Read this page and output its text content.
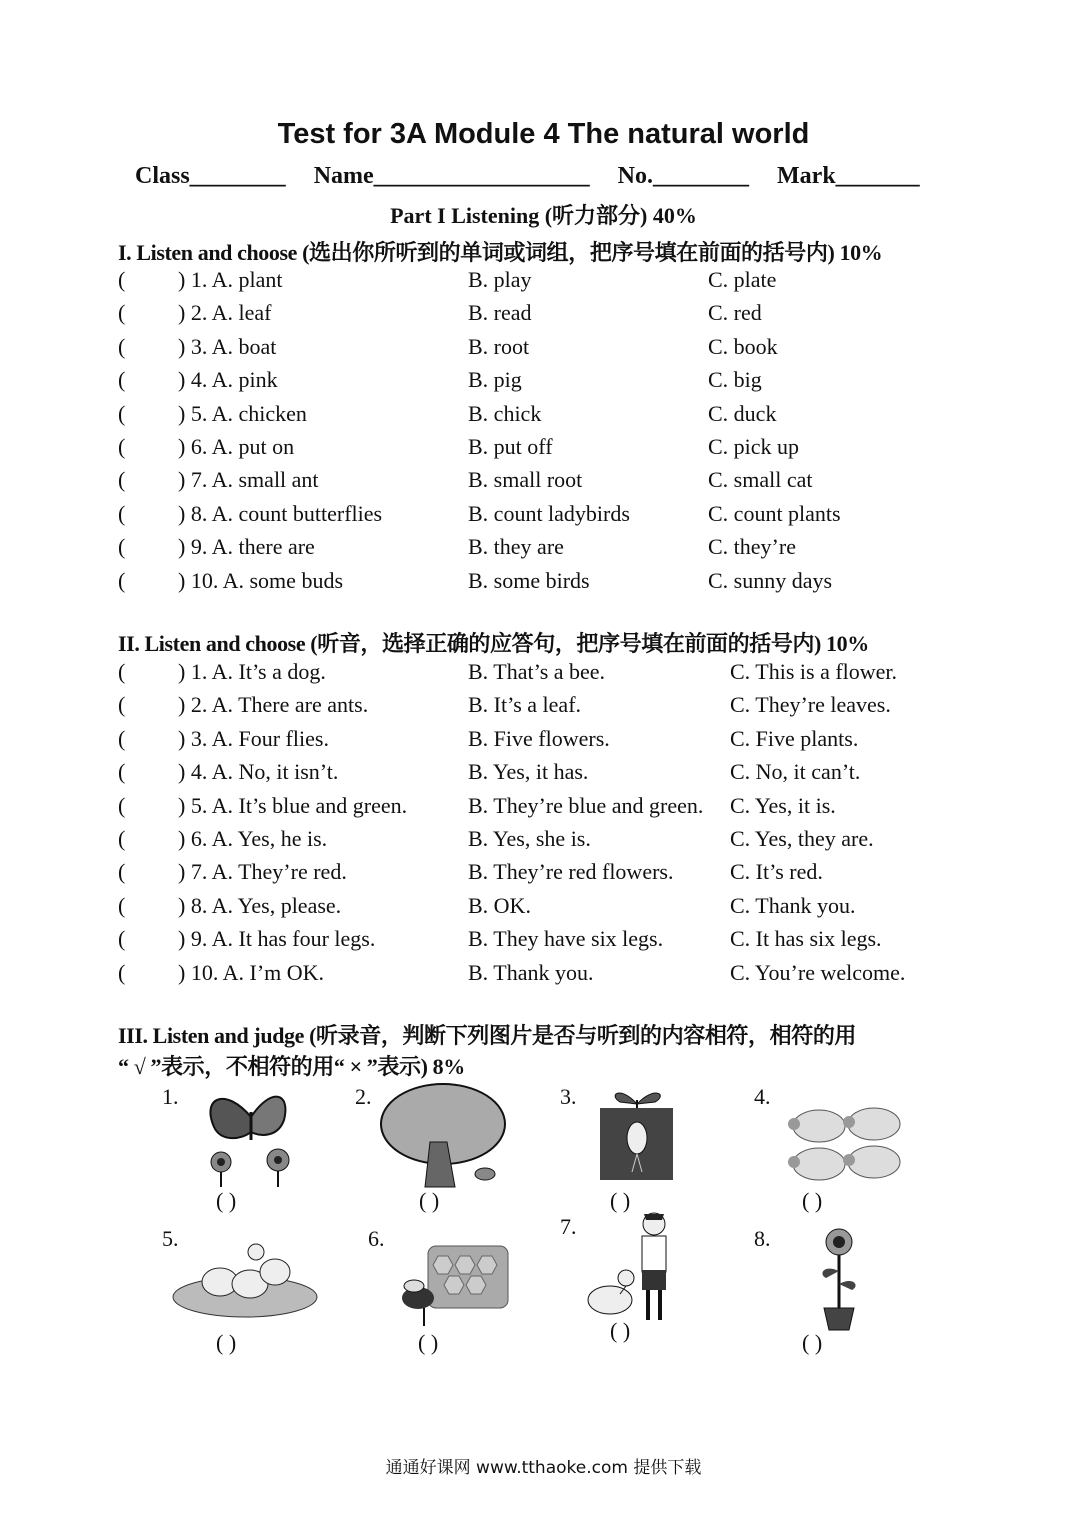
Test for 3A Module 4 The natural world
Class________ Name__________________ No.________ Mark_______
Part I Listening (听力部分) 40%
I. Listen and choose (选出你所听到的单词或词组，把序号填在前面的括号内) 10%
( ) 1. A. plant	B. play	C. plate
( ) 2. A. leaf	B. read	C. red
( ) 3. A. boat	B. root	C. book
( ) 4. A. pink	B. pig	C. big
( ) 5. A. chicken	B. chick	C. duck
( ) 6. A. put on	B. put off	C. pick up
( ) 7. A. small ant	B. small root	C. small cat
( ) 8. A. count butterflies	B. count ladybirds	C. count plants
( ) 9. A. there are	B. they are	C. they’re
( ) 10. A. some buds	B. some birds	C. sunny days
II. Listen and choose (听音，选择正确的应答句，把序号填在前面的括号内) 10%
( ) 1. A. It’s a dog.	B. That’s a bee.	C. This is a flower.
( ) 2. A. There are ants.	B. It’s a leaf.	C. They’re leaves.
( ) 3. A. Four flies.	B. Five flowers.	C. Five plants.
( ) 4. A. No, it isn’t.	B. Yes, it has.	C. No, it can’t.
( ) 5. A. It’s blue and green.	B. They’re blue and green. C. Yes, it is.
( ) 6. A. Yes, he is.	B. Yes, she is.	C. Yes, they are.
( ) 7. A. They’re red.	B. They’re red flowers.	C. It’s red.
( ) 8. A. Yes, please.	B. OK.	C. Thank you.
( ) 9. A. It has four legs.	B. They have six legs.	C. It has six legs.
( ) 10. A. I’m OK.	B. Thank you.	C. You’re welcome.
III. Listen and judge (听录音，判断下列图片是否与听到的内容相符，相符的用
“ √ ”表示，不相符的用“ × ”表示) 8%
1.
( )
2.
( )
3.
( )
4.
( )
5.
( )
6.
( )
7.
( )
8.
( )
通通好课网 www.tthaoke.com 提供下载
